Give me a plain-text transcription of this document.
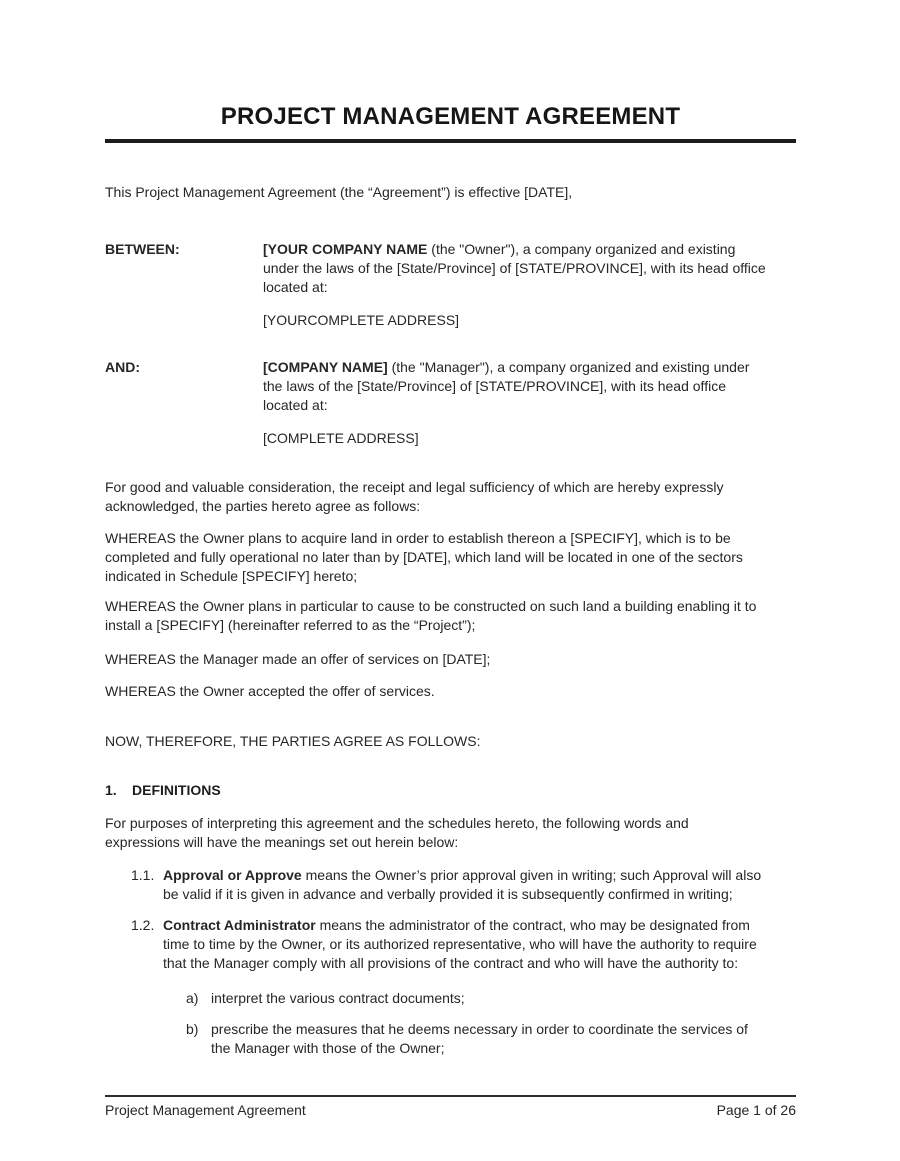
PROJECT MANAGEMENT AGREEMENT
This Project Management Agreement (the “Agreement”) is effective [DATE],
BETWEEN:	[YOUR COMPANY NAME (the "Owner"), a company organized and existing
under the laws of the [State/Province] of [STATE/PROVINCE], with its head office
located at:
[YOURCOMPLETE ADDRESS]
AND:	[COMPANY NAME] (the "Manager"), a company organized and existing under
the laws of the [State/Province] of [STATE/PROVINCE], with its head office
located at:
[COMPLETE ADDRESS]
For good and valuable consideration, the receipt and legal sufficiency of which are hereby expressly
acknowledged, the parties hereto agree as follows:
WHEREAS the Owner plans to acquire land in order to establish thereon a [SPECIFY], which is to be
completed and fully operational no later than by [DATE], which land will be located in one of the sectors
indicated in Schedule [SPECIFY] hereto;
WHEREAS the Owner plans in particular to cause to be constructed on such land a building enabling it to
install a [SPECIFY] (hereinafter referred to as the “Project”);
WHEREAS the Manager made an offer of services on [DATE];
WHEREAS the Owner accepted the offer of services.
NOW, THEREFORE, THE PARTIES AGREE AS FOLLOWS:
1.	DEFINITIONS
For purposes of interpreting this agreement and the schedules hereto, the following words and
expressions will have the meanings set out herein below:
1.1. Approval or Approve means the Owner’s prior approval given in writing; such Approval will also
be valid if it is given in advance and verbally provided it is subsequently confirmed in writing;
1.2. Contract Administrator means the administrator of the contract, who may be designated from
time to time by the Owner, or its authorized representative, who will have the authority to require
that the Manager comply with all provisions of the contract and who will have the authority to:
a) interpret the various contract documents;
b) prescribe the measures that he deems necessary in order to coordinate the services of
the Manager with those of the Owner;
Project Management Agreement	Page 1 of 26
